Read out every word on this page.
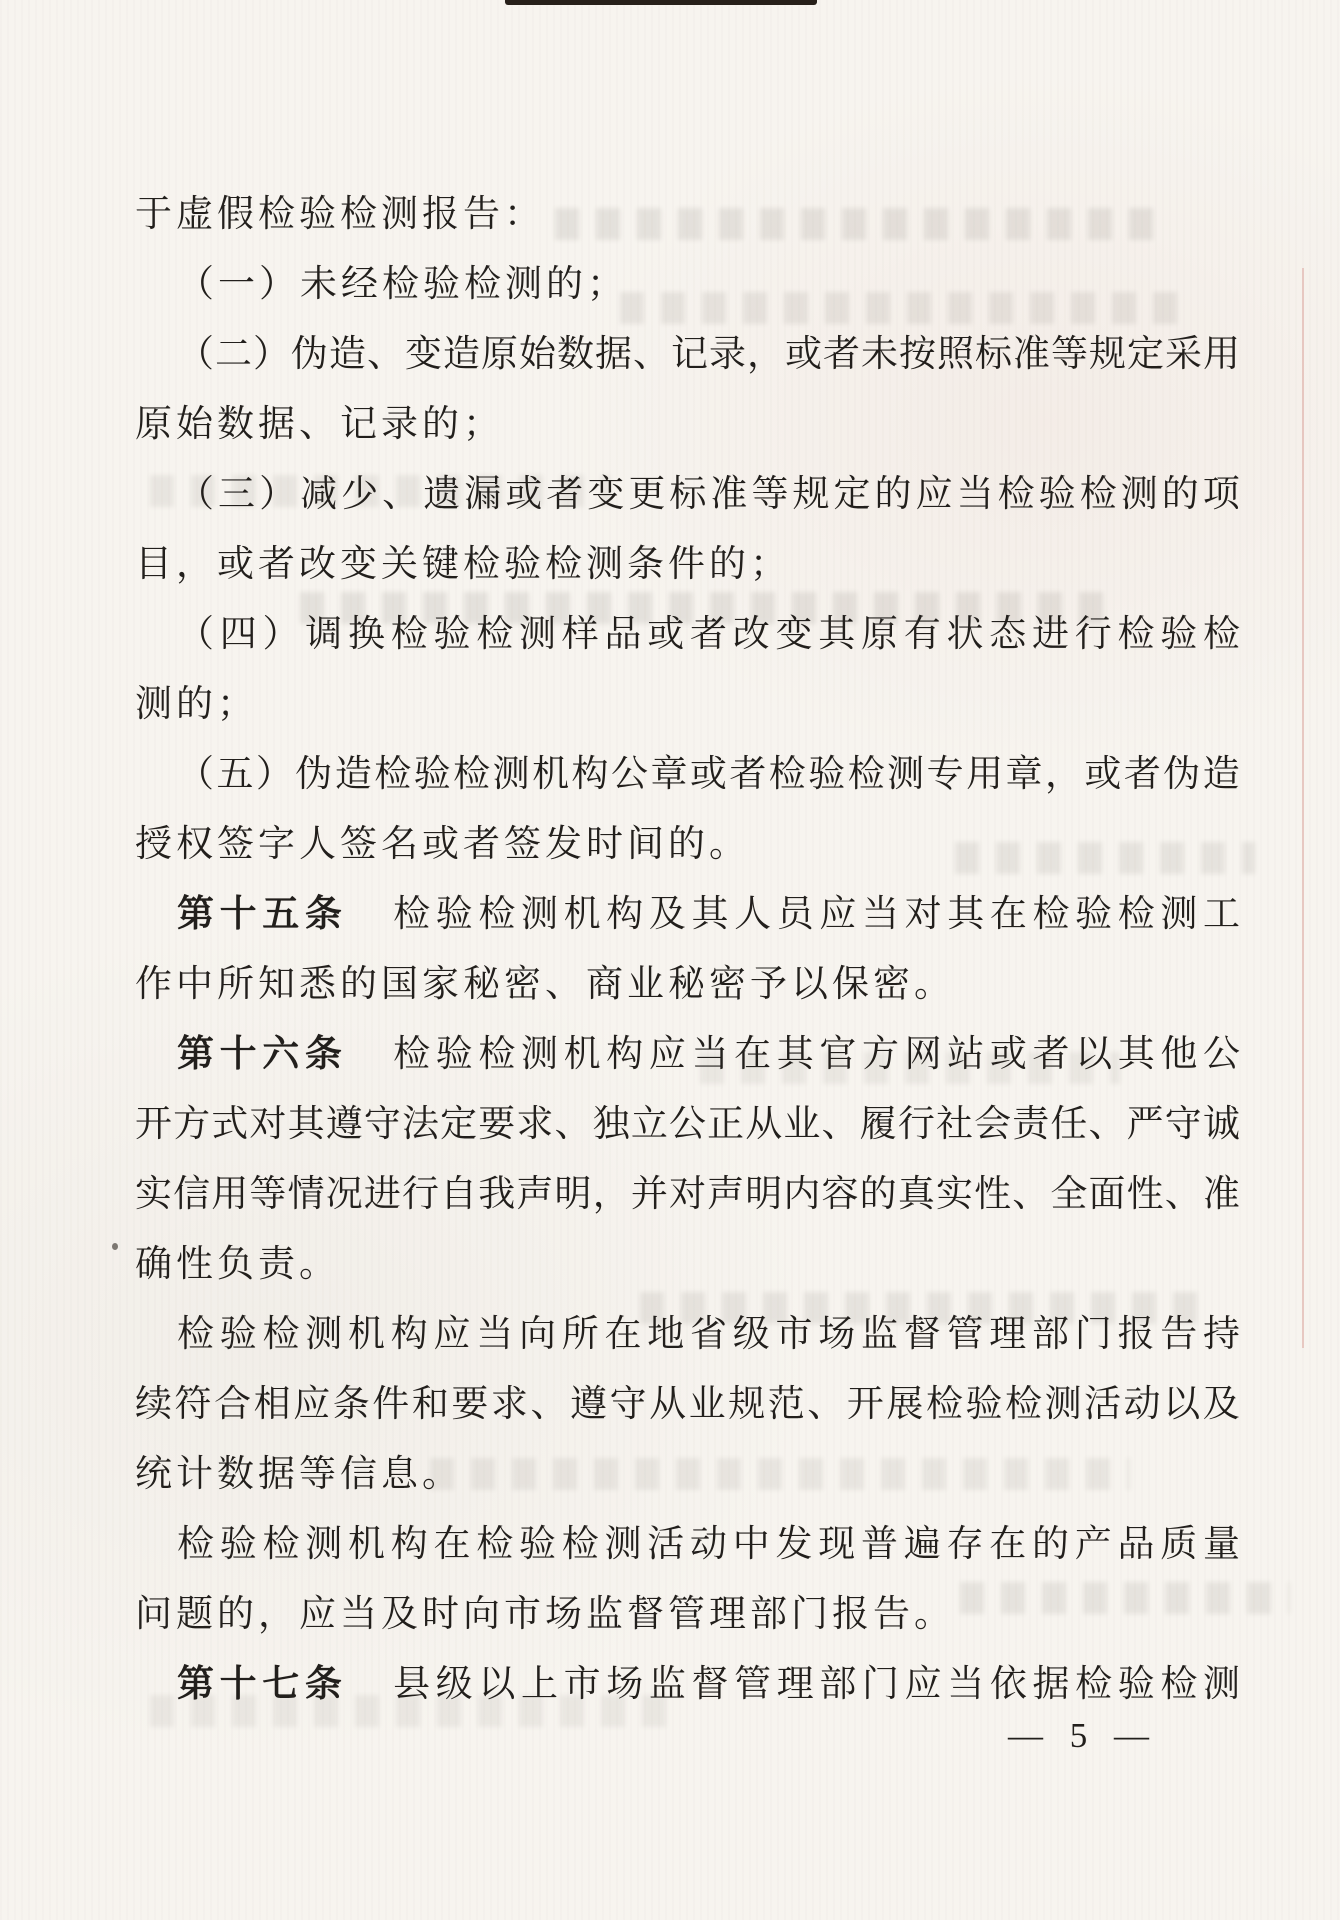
于 虚 假 检 验 检 测 报 告 ：
（ 一 ） 未 经 检 验 检 测 的 ；
（ 二 ） 伪 造 、 变 造 原 始 数 据 、 记 录 ， 或 者 未 按 照 标 准 等 规 定 采 用
原 始 数 据 、 记 录 的 ；
（ 三 ） 减 少 、 遗 漏 或 者 变 更 标 准 等 规 定 的 应 当 检 验 检 测 的 项
目 ， 或 者 改 变 关 键 检 验 检 测 条 件 的 ；
（ 四 ） 调 换 检 验 检 测 样 品 或 者 改 变 其 原 有 状 态 进 行 检 验 检
测 的 ；
（ 五 ） 伪 造 检 验 检 测 机 构 公 章 或 者 检 验 检 测 专 用 章 ， 或 者 伪 造
授 权 签 字 人 签 名 或 者 签 发 时 间 的 。
第 十 五 条 检 验 检 测 机 构 及 其 人 员 应 当 对 其 在 检 验 检 测 工
作 中 所 知 悉 的 国 家 秘 密 、 商 业 秘 密 予 以 保 密 。
第 十 六 条 检 验 检 测 机 构 应 当 在 其 官 方 网 站 或 者 以 其 他 公
开 方 式 对 其 遵 守 法 定 要 求 、 独 立 公 正 从 业 、 履 行 社 会 责 任 、 严 守 诚
实 信 用 等 情 况 进 行 自 我 声 明 ， 并 对 声 明 内 容 的 真 实 性 、 全 面 性 、 准
确 性 负 责 。
检 验 检 测 机 构 应 当 向 所 在 地 省 级 市 场 监 督 管 理 部 门 报 告 持
续 符 合 相 应 条 件 和 要 求 、 遵 守 从 业 规 范 、 开 展 检 验 检 测 活 动 以 及
统 计 数 据 等 信 息 。
检 验 检 测 机 构 在 检 验 检 测 活 动 中 发 现 普 遍 存 在 的 产 品 质 量
问 题 的 ， 应 当 及 时 向 市 场 监 督 管 理 部 门 报 告 。
第 十 七 条 县 级 以 上 市 场 监 督 管 理 部 门 应 当 依 据 检 验 检 测
— 5 —
